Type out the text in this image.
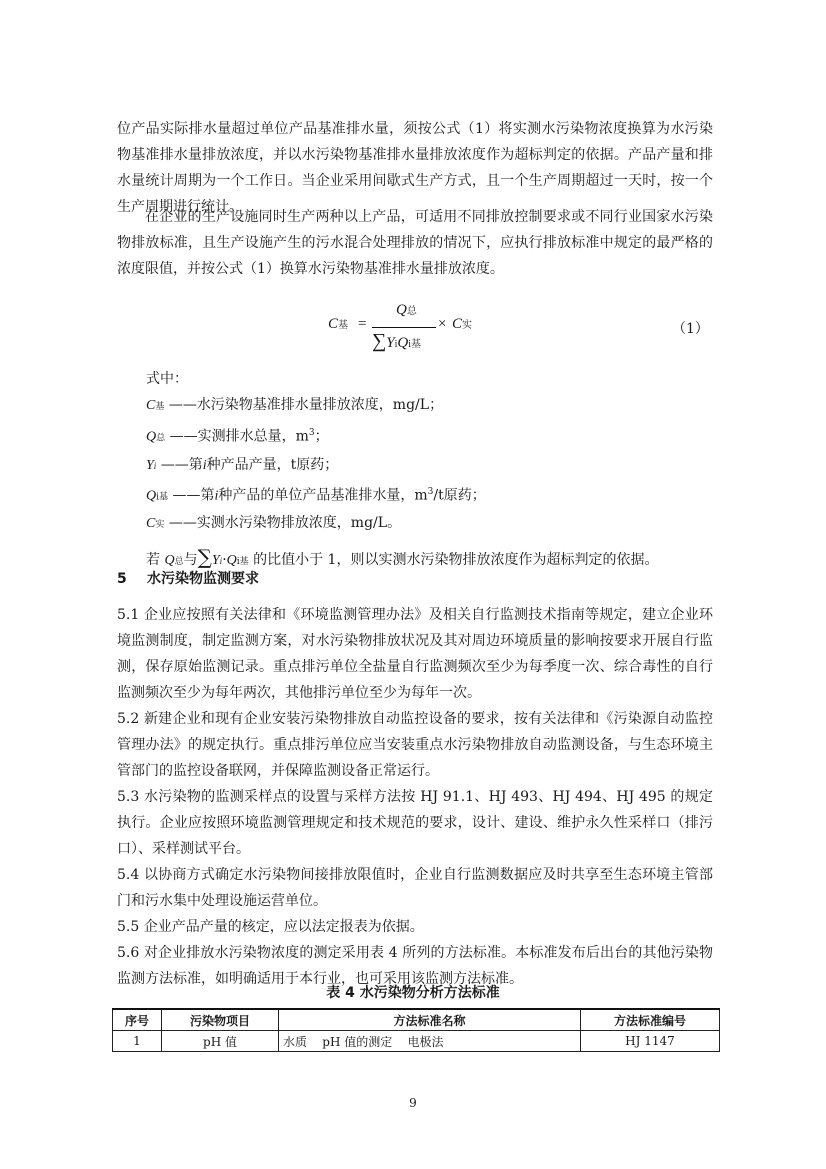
位产品实际排水量超过单位产品基准排水量，须按公式（1）将实测水污染物浓度换算为水污染物基准排水量排放浓度，并以水污染物基准排水量排放浓度作为超标判定的依据。产品产量和排水量统计周期为一个工作日。当企业采用间歇式生产方式，且一个生产周期超过一天时，按一个生产周期进行统计。

在企业的生产设施同时生产两种以上产品，可适用不同排放控制要求或不同行业国家水污染物排放标准，且生产设施产生的污水混合处理排放的情况下，应执行排放标准中规定的最严格的浓度限值，并按公式（1）换算水污染物基准排水量排放浓度。

C基 =
Q总
∑YiQi基
× C实	（1）
式中：
C基 ——水污染物基准排水量排放浓度，mg/L；
Q总 ——实测排水总量，$m^3$；
Yi ——第i种产品产量，t原药；
Qi基 ——第i种产品的单位产品基准排水量，$m^3/t$原药；
C实 ——实测水污染物排放浓度，mg/L。
若 Q总与∑Yi·Qi基 的比值小于 1，则以实测水污染物排放浓度作为超标判定的依据。
5 水污染物监测要求

5.1 企业应按照有关法律和《环境监测管理办法》及相关自行监测技术指南等规定，建立企业环境监测制度，制定监测方案，对水污染物排放状况及其对周边环境质量的影响按要求开展自行监测，保存原始监测记录。重点排污单位全盐量自行监测频次至少为每季度一次、综合毒性的自行监测频次至少为每年两次，其他排污单位至少为每年一次。

5.2 新建企业和现有企业安装污染物排放自动监控设备的要求，按有关法律和《污染源自动监控管理办法》的规定执行。重点排污单位应当安装重点水污染物排放自动监测设备，与生态环境主管部门的监控设备联网，并保障监测设备正常运行。

5.3 水污染物的监测采样点的设置与采样方法按 HJ 91.1、HJ 493、HJ 494、HJ 495 的规定执行。企业应按照环境监测管理规定和技术规范的要求，设计、建设、维护永久性采样口（排污口）、采样测试平台。

5.4 以协商方式确定水污染物间接排放限值时，企业自行监测数据应及时共享至生态环境主管部门和污水集中处理设施运营单位。

5.5 企业产品产量的核定，应以法定报表为依据。

5.6 对企业排放水污染物浓度的测定采用表 4 所列的方法标准。本标准发布后出台的其他污染物监测方法标准，如明确适用于本行业，也可采用该监测方法标准。

表 4 水污染物分析方法标准
序号	污染物项目	方法标准名称	方法标准编号
1	pH 值	水质    pH 值的测定    电极法	HJ 1147
9
